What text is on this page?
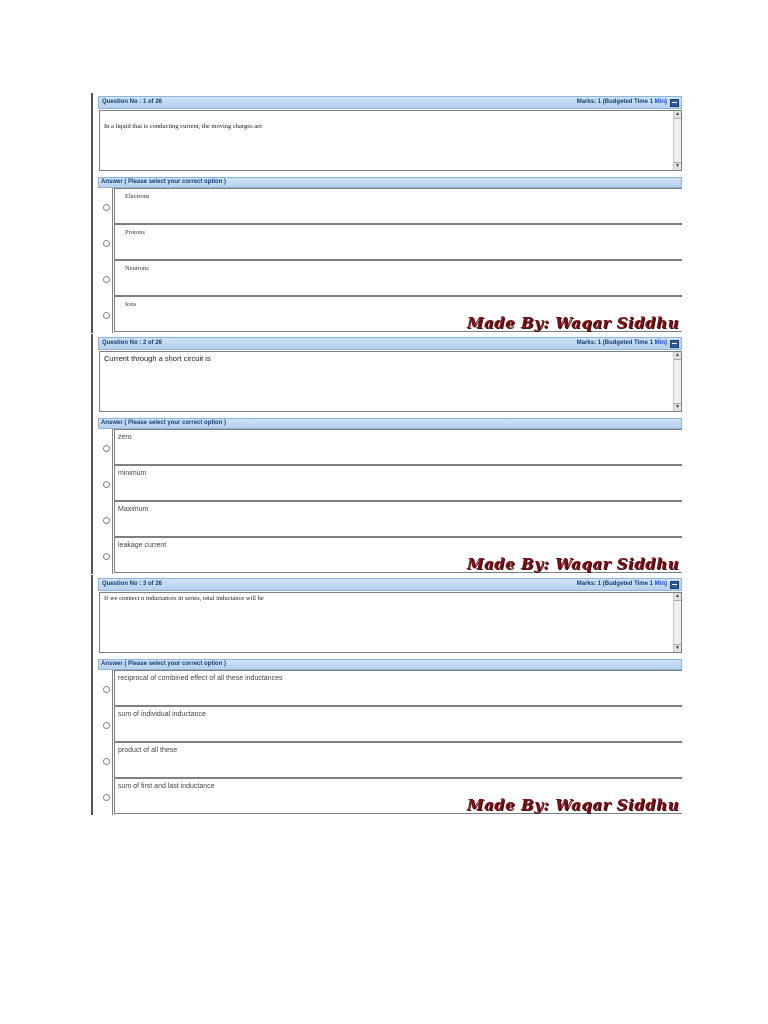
Question No : 1 of 26	Marks: 1 (Budgeted Time 1 Min)
In a liquid that is conducting current, the moving charges are
▲
▼
Answer ( Please select your correct option )
Electrons
Protons
Neutrons
Ions
Made By: Waqar Siddhu
Question No : 2 of 26	Marks: 1 (Budgeted Time 1 Min)
Current through a short circuit is	▲
▼
Answer ( Please select your correct option )
zero
minimum
Maximum
leakage current
Made By: Waqar Siddhu
Question No : 3 of 26	Marks: 1 (Budgeted Time 1 Min)
If we connect n inductances in series, total inductance will be	▲
▼
Answer ( Please select your correct option )
reciprocal of combined effect of all these inductances
sum of individual inductance
product of all these
sum of first and last inductance
Made By: Waqar Siddhu
